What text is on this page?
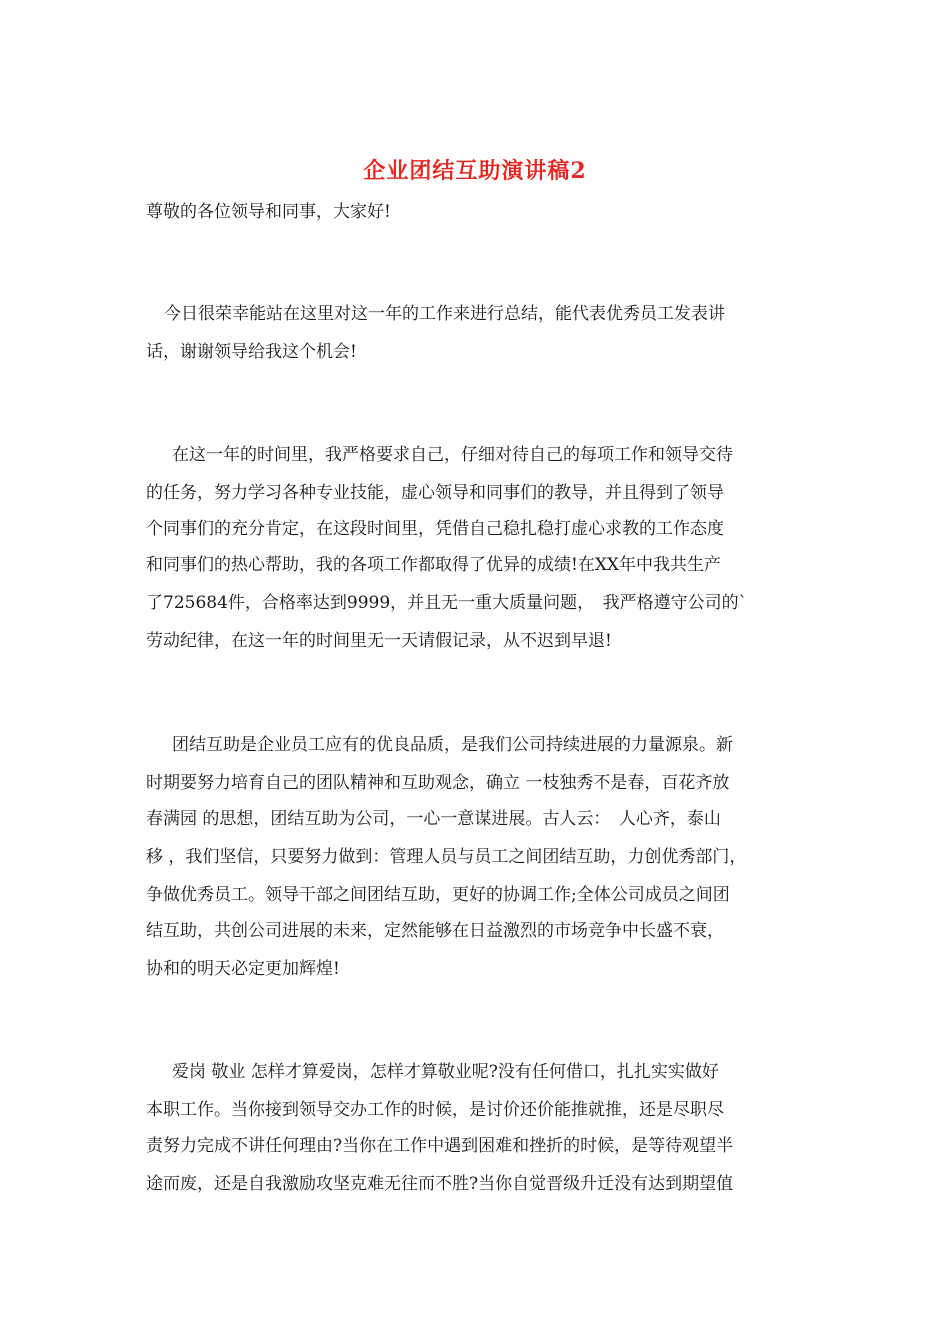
企业团结互助演讲稿2
尊敬的各位领导和同事，大家好!
今日很荣幸能站在这里对这一年的工作来进行总结，能代表优秀员工发表讲
话，谢谢领导给我这个机会!
在这一年的时间里，我严格要求自己，仔细对待自己的每项工作和领导交待
的任务，努力学习各种专业技能，虚心领导和同事们的教导，并且得到了领导
个同事们的充分肯定，在这段时间里，凭借自己稳扎稳打虚心求教的工作态度
和同事们的热心帮助，我的各项工作都取得了优异的成绩!在XX年中我共生产
了725684件，合格率达到9999，并且无一重大质量问题，　我严格遵守公司的`
劳动纪律，在这一年的时间里无一天请假记录，从不迟到早退!
团结互助是企业员工应有的优良品质，是我们公司持续进展的力量源泉。新
时期要努力培育自己的团队精神和互助观念，确立 一枝独秀不是春，百花齐放
春满园 的思想，团结互助为公司，一心一意谋进展。古人云：　人心齐，泰山
移 ，我们坚信，只要努力做到：管理人员与员工之间团结互助，力创优秀部门，
争做优秀员工。领导干部之间团结互助，更好的协调工作;全体公司成员之间团
结互助，共创公司进展的未来，定然能够在日益激烈的市场竞争中长盛不衰，
协和的明天必定更加辉煌!
爱岗 敬业 怎样才算爱岗，怎样才算敬业呢?没有任何借口，扎扎实实做好
本职工作。当你接到领导交办工作的时候，是讨价还价能推就推，还是尽职尽
责努力完成不讲任何理由?当你在工作中遇到困难和挫折的时候，是等待观望半
途而废，还是自我激励攻坚克难无往而不胜?当你自觉晋级升迁没有达到期望值
